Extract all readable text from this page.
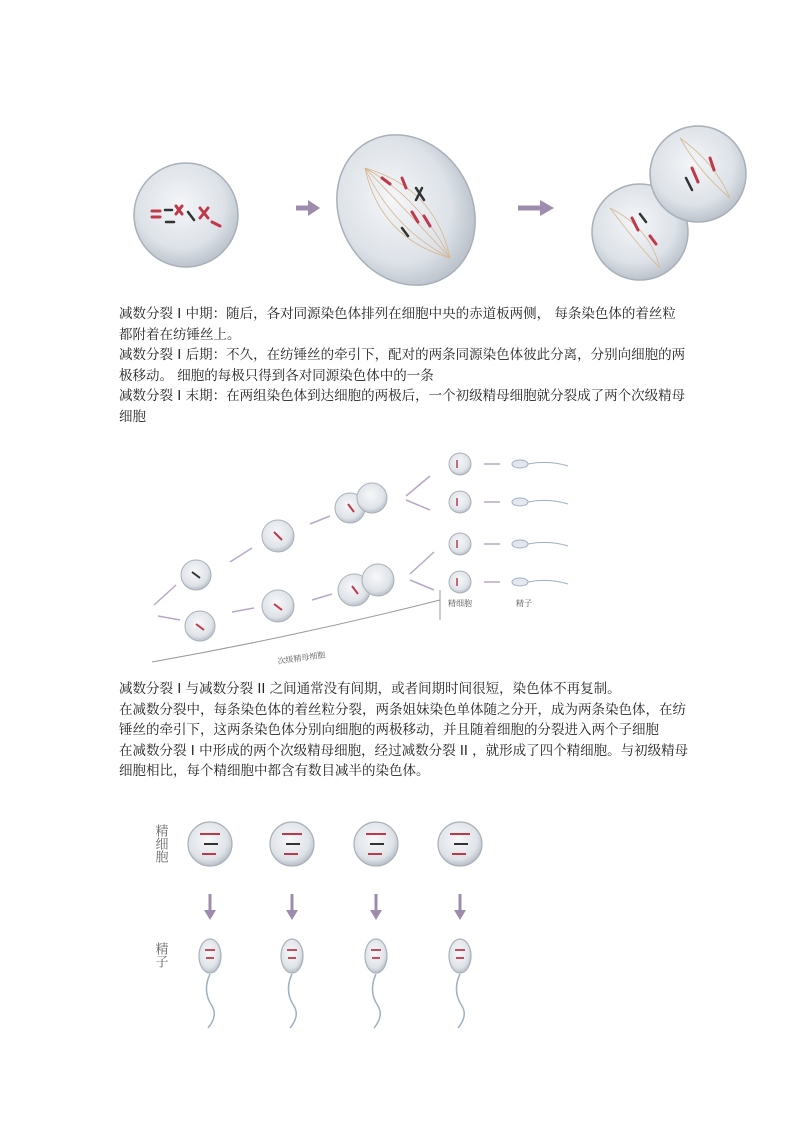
减数分裂 I 中期：随后，各对同源染色体排列在细胞中央的赤道板两侧， 每条染色体的着丝粒都附着在纺锤丝上。

减数分裂 I 后期：不久，在纺锤丝的牵引下，配对的两条同源染色体彼此分离，分别向细胞的两极移动。 细胞的每极只得到各对同源染色体中的一条

减数分裂 I 末期：在两组染色体到达细胞的两极后，一个初级精母细胞就分裂成了两个次级精母细胞

精细胞	精子
次级精母细胞

减数分裂 I 与减数分裂 II 之间通常没有间期，或者间期时间很短，染色体不再复制。

在减数分裂中，每条染色体的着丝粒分裂，两条姐妹染色单体随之分开，成为两条染色体，在纺锤丝的牵引下，这两条染色体分别向细胞的两极移动，并且随着细胞的分裂进入两个子细胞

在减数分裂 I 中形成的两个次级精母细胞，经过减数分裂 II ，就形成了四个精细胞。与初级精母细胞相比，每个精细胞中都含有数目减半的染色体。

精细胞
精子
